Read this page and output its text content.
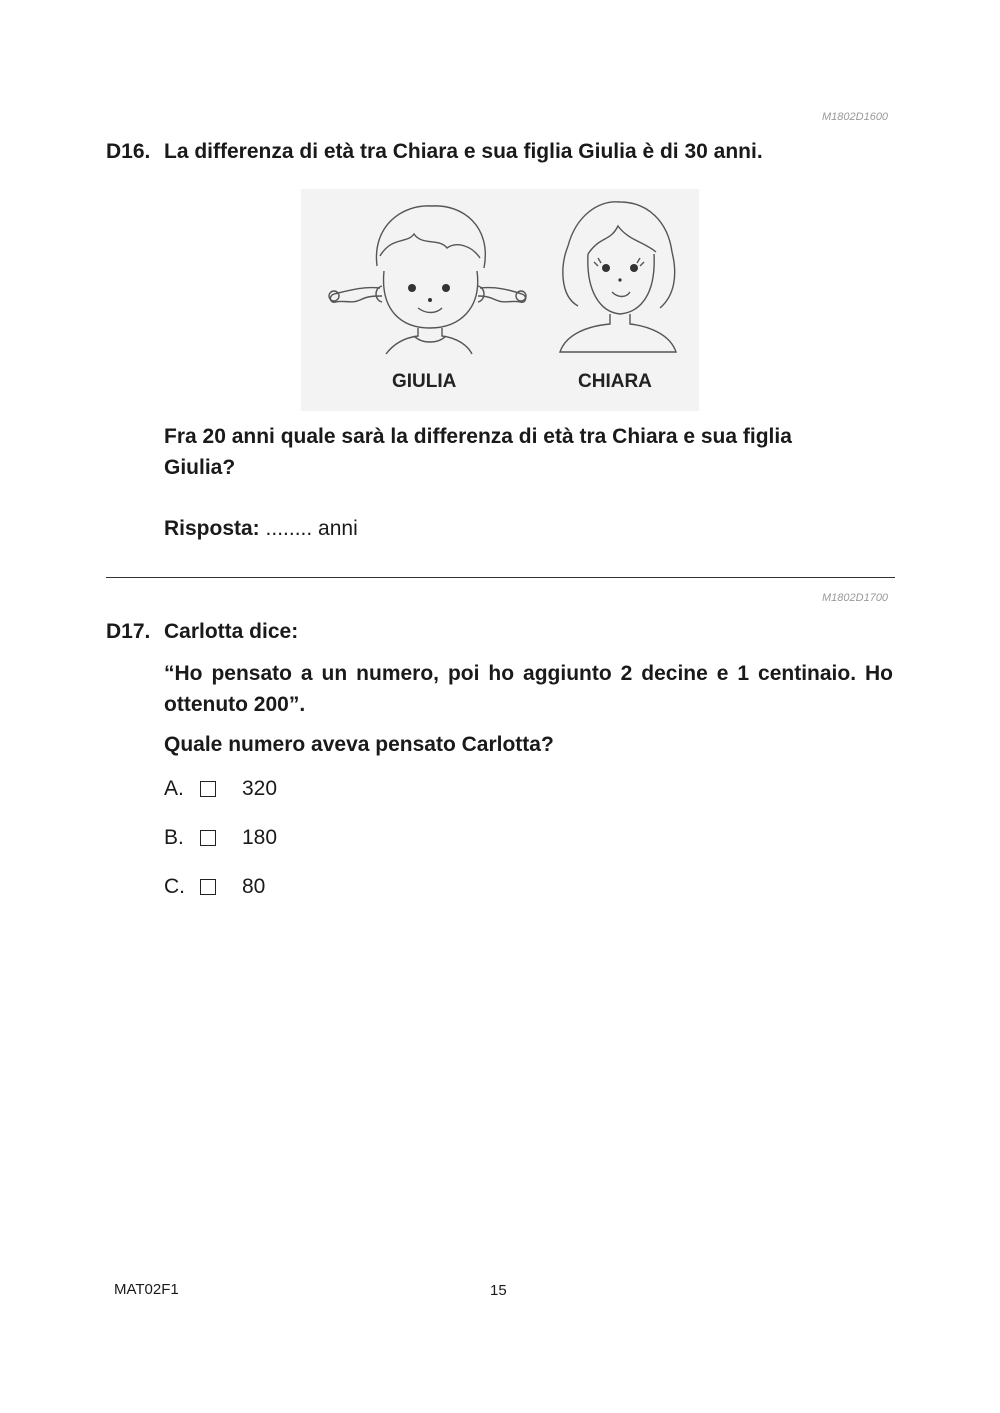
M1802D1600
D16. La differenza di età tra Chiara e sua figlia Giulia è di 30 anni.
GIULIA	CHIARA
Fra 20 anni quale sarà la differenza di età tra Chiara e sua figlia Giulia?
Risposta: ........ anni
M1802D1700
D17. Carlotta dice:
“Ho pensato a un numero, poi ho aggiunto 2 decine e 1 centinaio. Ho ottenuto 200”.
Quale numero aveva pensato Carlotta?
A.	320
B.	180
C.	80
MAT02F1	15
